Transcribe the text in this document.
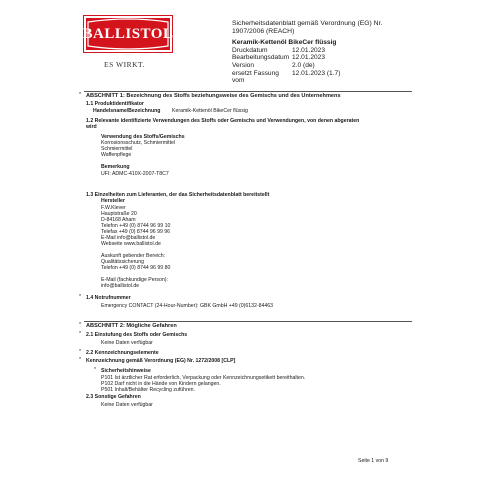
BALLISTOL
ES WIRKT.
Sicherheitsdatenblatt gemäß Verordnung (EG) Nr.
1907/2006 (REACH)
Keramik-Kettenöl BikeCer flüssig
Druckdatum	12.01.2023
Bearbeitungsdatum 12.01.2023
Version	2.0 (de)
ersetzt Fassung vom
12.01.2023 (1.7)
* ABSCHNITT 1: Bezeichnung des Stoffs beziehungsweise des Gemischs und des Unternehmens
1.1 Produktidentifikator
Handelsname/Bezeichnung Keramik-Kettenöl BikeCer flüssig
1.2 Relevante identifizierte Verwendungen des Stoffs oder Gemischs und Verwendungen, von denen abgeraten
wird
Verwendung des Stoffs/Gemischs
Korrosionsschutz, Schmiermittel
Schmiermittel
Waffenpflege
Bemerkung
UFI: ADMC-410X-2007-T8C7
1.3 Einzelheiten zum Lieferanten, der das Sicherheitsdatenblatt bereitstellt
Hersteller
F.W.Klever
Hauptstraße 20
D-84168 Aham
Telefon +49 (0) 8744 96 99 10
Telefax +49 (0) 8744 96 99 96
E-Mail info@ballistol.de
Webseite www.ballistol.de
Auskunft gebender Bereich:
Qualitätssicherung
Telefon +49 (0) 8744 96 99 80
E-Mail (fachkundige Person):
info@ballistol.de
* 1.4 Notrufnummer
Emergency CONTACT (24-Hour-Number): GBK GmbH +49 (0)6132-84463
* ABSCHNITT 2: Mögliche Gefahren
* 2.1 Einstufung des Stoffs oder Gemischs
Keine Daten verfügbar
* 2.2 Kennzeichnungselemente
* Kennzeichnung gemäß Verordnung (EG) Nr. 1272/2008 [CLP]
* Sicherheitshinweise
P101 Ist ärztlicher Rat erforderlich, Verpackung oder Kennzeichnungsetikett bereithalten.
P102 Darf nicht in die Hände von Kindern gelangen.
P501 Inhalt/Behälter Recycling zuführen.
2.3 Sonstige Gefahren
Keine Daten verfügbar
Seite 1 von 9
